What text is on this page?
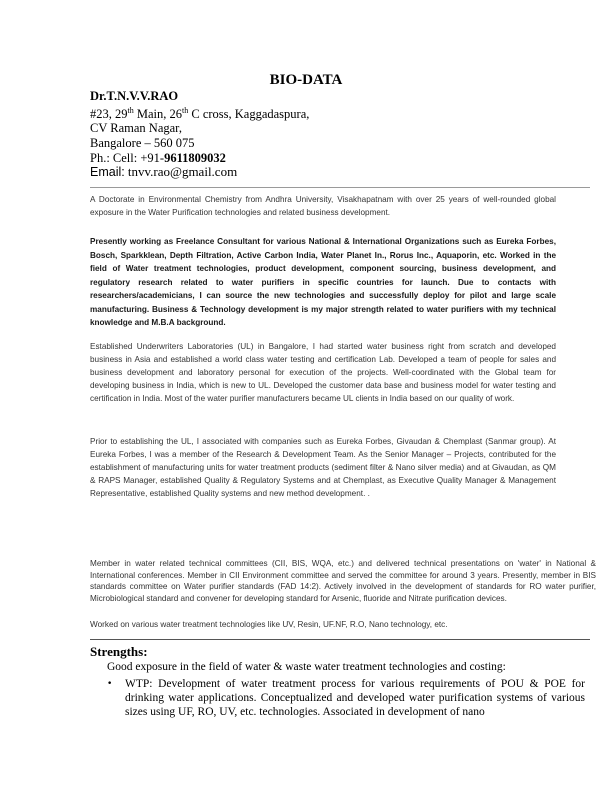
BIO-DATA
Dr.T.N.V.V.RAO
#23, 29th Main, 26th C cross, Kaggadaspura,
CV Raman Nagar,
Bangalore – 560 075
Ph.: Cell: +91-9611809032
Email: tnvv.rao@gmail.com
A Doctorate in Environmental Chemistry from Andhra University, Visakhapatnam with over 25 years of well-rounded global exposure in the Water Purification technologies and related business development.
Presently working as Freelance Consultant for various National & International Organizations such as Eureka Forbes, Bosch, Sparkklean, Depth Filtration, Active Carbon India, Water Planet In., Rorus Inc., Aquaporin, etc. Worked in the field of Water treatment technologies, product development, component sourcing, business development, and regulatory research related to water purifiers in specific countries for launch. Due to contacts with researchers/academicians, I can source the new technologies and successfully deploy for pilot and large scale manufacturing. Business & Technology development is my major strength related to water purifiers with my technical knowledge and M.B.A background.
Established Underwriters Laboratories (UL) in Bangalore, I had started water business right from scratch and developed business in Asia and established a world class water testing and certification Lab. Developed a team of people for sales and business development and laboratory personal for execution of the projects. Well-coordinated with the Global team for developing business in India, which is new to UL. Developed the customer data base and business model for water testing and certification in India. Most of the water purifier manufacturers became UL clients in India based on our quality of work.
Prior to establishing the UL, I associated with companies such as Eureka Forbes, Givaudan & Chemplast (Sanmar group). At Eureka Forbes, I was a member of the Research & Development Team. As the Senior Manager – Projects, contributed for the establishment of manufacturing units for water treatment products (sediment filter & Nano silver media) and at Givaudan, as QM & RAPS Manager, established Quality & Regulatory Systems and at Chemplast, as Executive Quality Manager & Management Representative, established Quality systems and new method development. .
Member in water related technical committees (CII, BIS, WQA, etc.) and delivered technical presentations on 'water' in National & International conferences. Member in CII Environment committee and served the committee for around 3 years. Presently, member in BIS standards committee on Water purifier standards (FAD 14:2). Actively involved in the development of standards for RO water purifier, Microbiological standard and convener for developing standard for Arsenic, fluoride and Nitrate purification devices.
Worked on various water treatment technologies like UV, Resin, UF.NF, R.O, Nano technology, etc.
Strengths:
Good exposure in the field of water & waste water treatment technologies and costing:
• WTP: Development of water treatment process for various requirements of POU & POE for drinking water applications. Conceptualized and developed water purification systems of various sizes using UF, RO, UV, etc. technologies. Associated in development of nano
